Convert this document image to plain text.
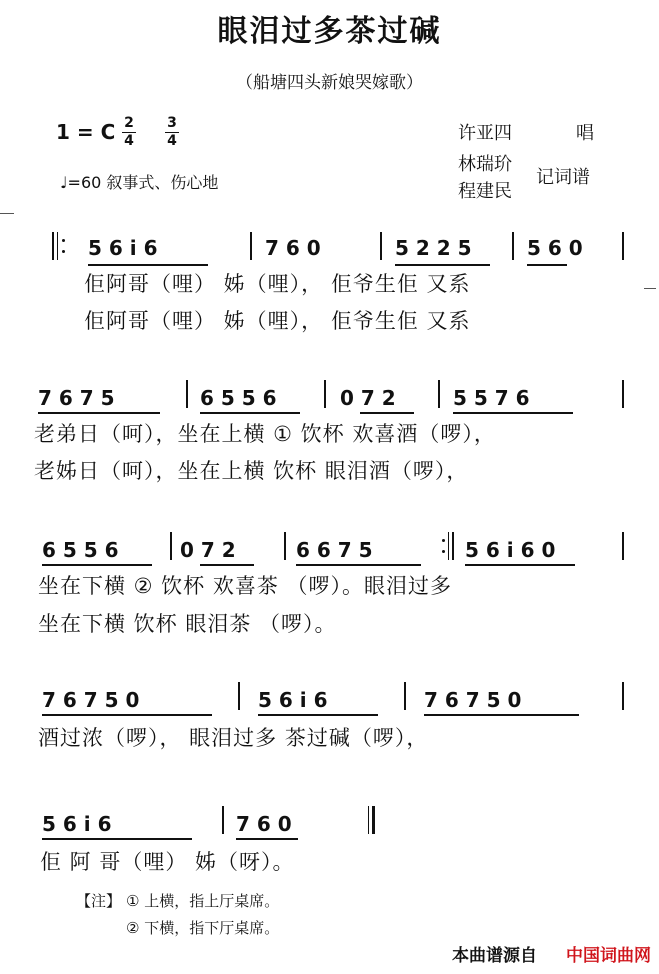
眼泪过多茶过碱
（船塘四头新娘哭嫁歌）
1 = C 2
4
3
4
♩=60 叙事式、伤心地
许亚四	唱
林瑞玠
程建民
记词谱
5 6 i 6	7 6 0	5 2 2 5	5 6 0
佢阿哥（哩） 姊（哩）， 佢爷生佢 又系
佢阿哥（哩） 姊（哩）， 佢爷生佢 又系
7 6 7 5	6 5 5 6	0 7 2	5 5 7 6
老弟日（呵），坐在上横 ① 饮杯 欢喜酒（啰），
老姊日（呵），坐在上横 饮杯 眼泪酒（啰），
6 5 5 6	0 7 2	6 6 7 5	5 6 i 6 0
坐在下横 ② 饮杯 欢喜茶 （啰）。眼泪过多
坐在下横 饮杯 眼泪茶 （啰）。
7 6 7 5 0	5 6 i 6	7 6 7 5 0
酒过浓（啰）， 眼泪过多 茶过碱（啰），
5 6 i 6	7 6 0
佢 阿 哥（哩） 姊（呀）。
【注】 ① 上横，指上厅桌席。
② 下横，指下厅桌席。
本曲谱源自 中国词曲网
